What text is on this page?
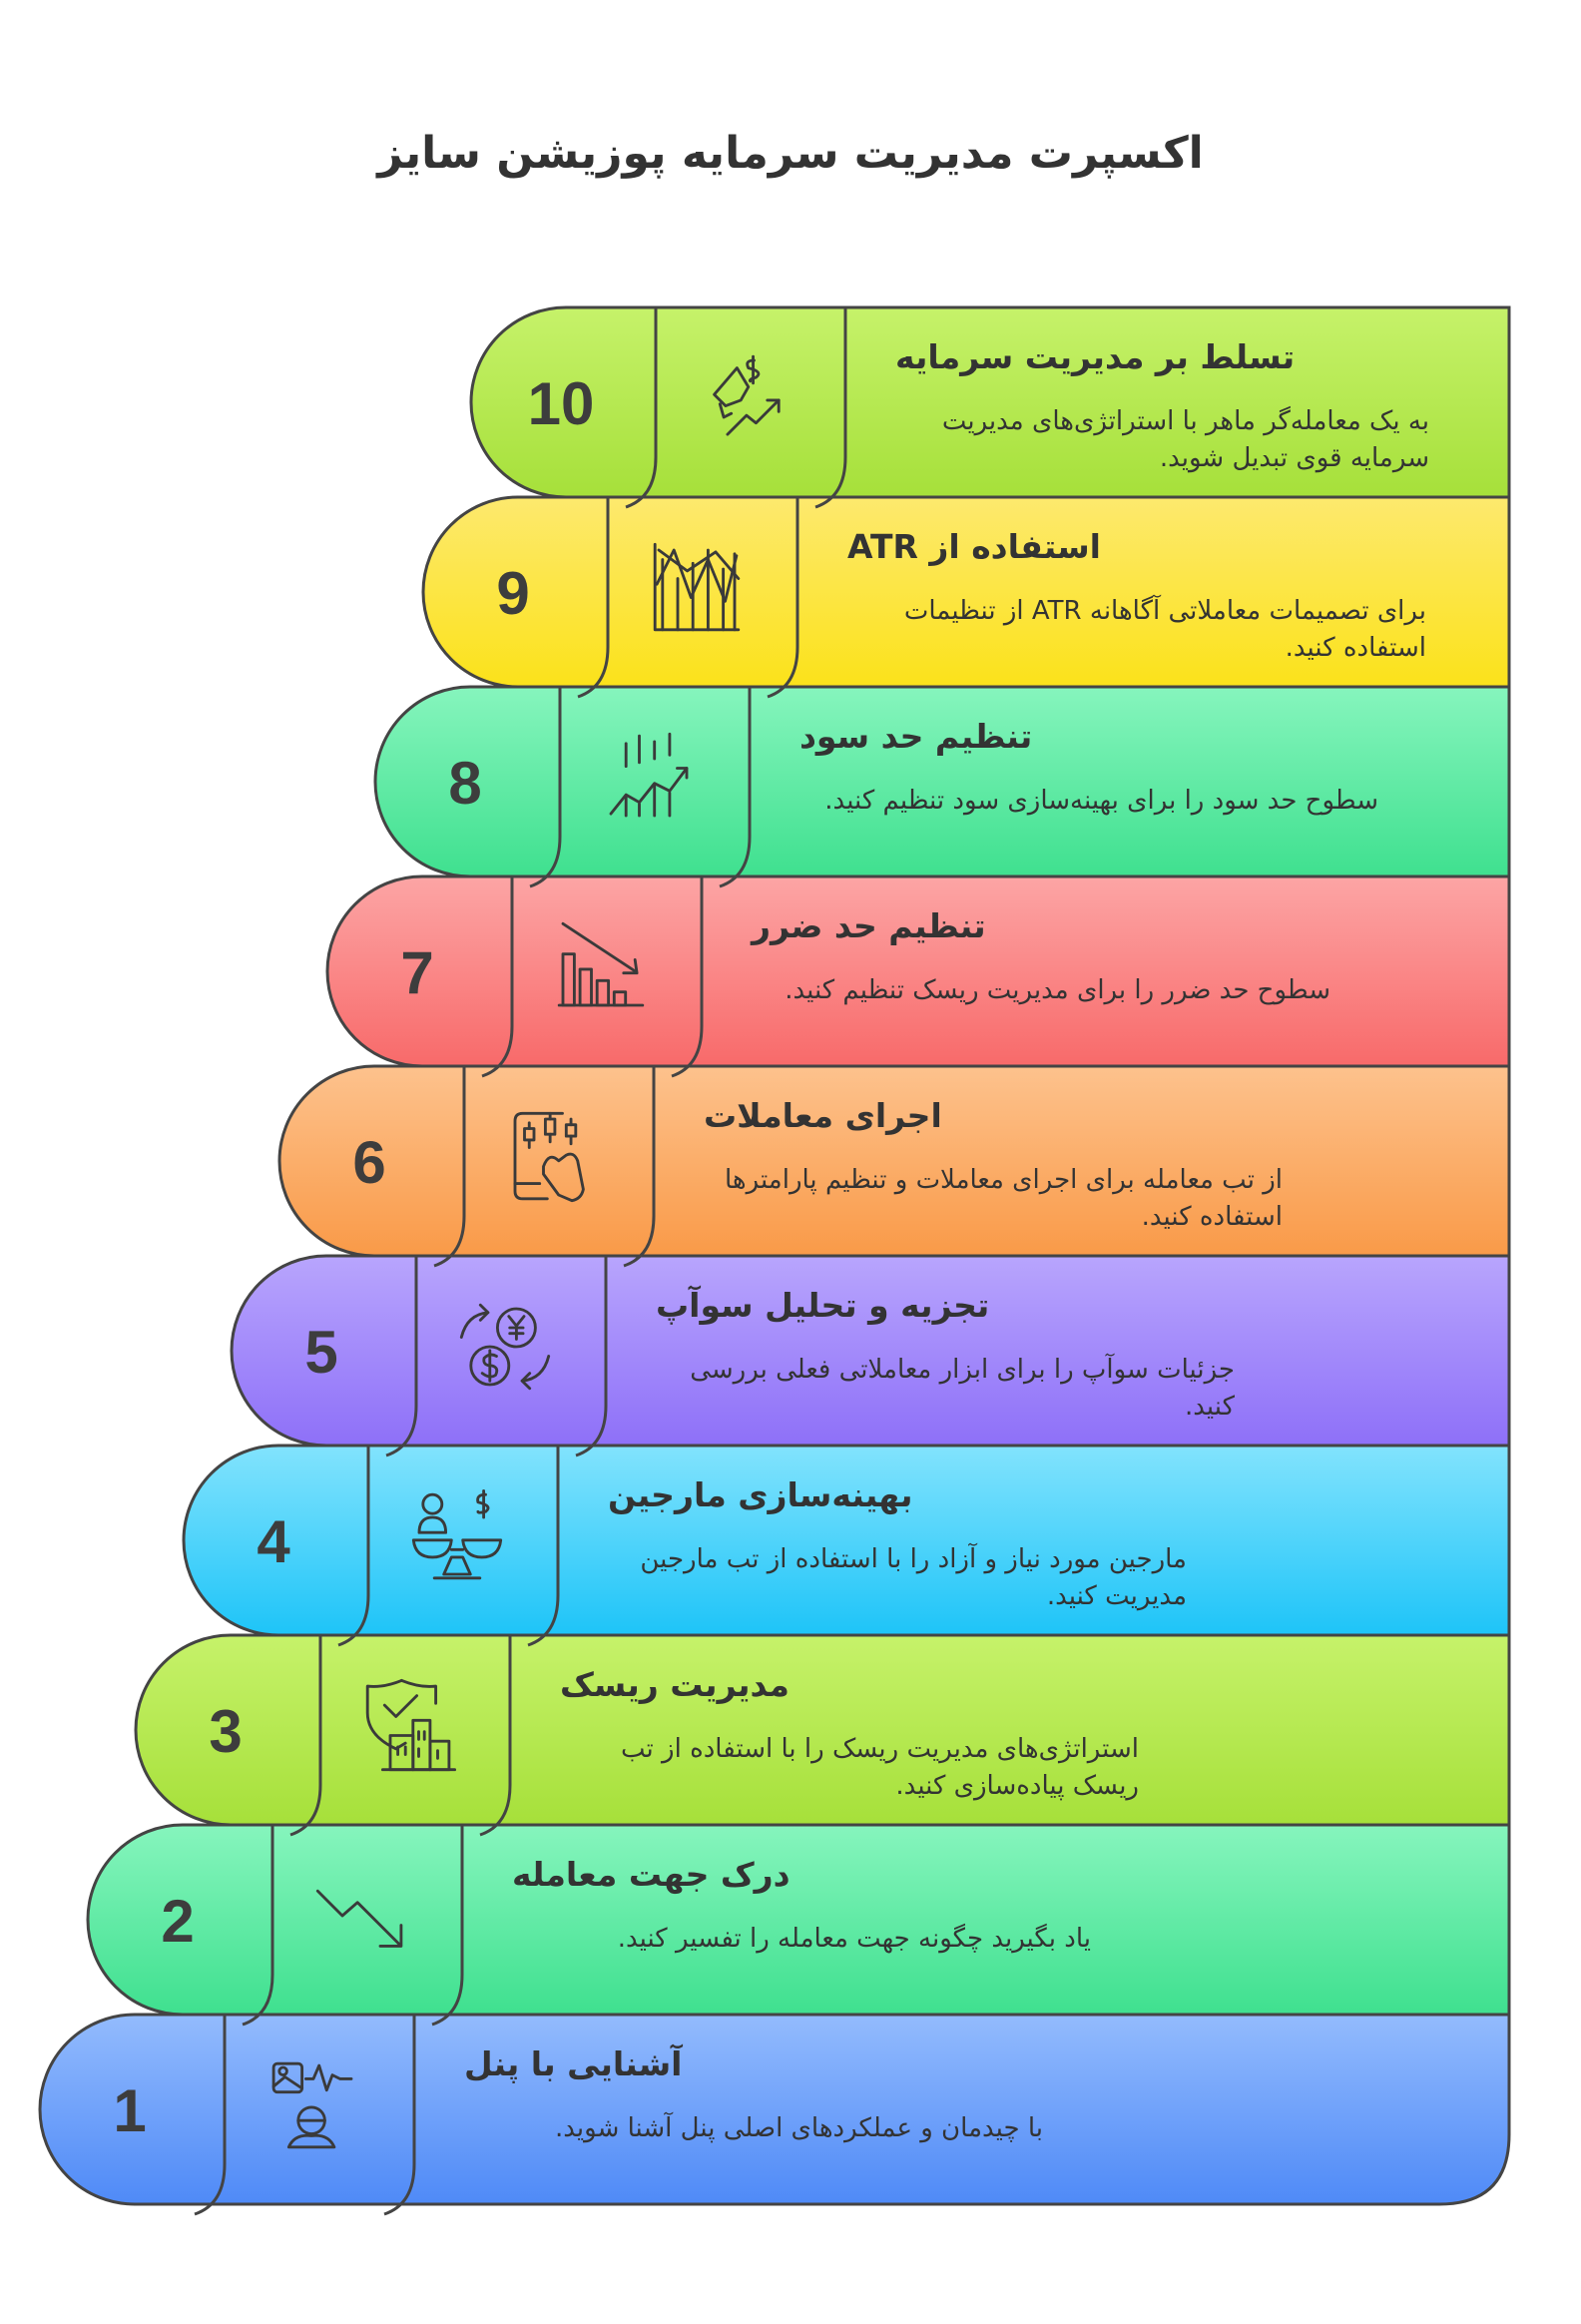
اکسپرت مدیریت سرمایه پوزیشن سایز
1
2
3
4
5
6
7
8
9
10
آشنایی با پنل
با چیدمان و عملکردهای اصلی پنل آشنا شوید.
درک جهت معامله
یاد بگیرید چگونه جهت معامله را تفسیر کنید.
مدیریت ریسک
استراتژی‌های مدیریت ریسک را با استفاده از تب ریسک پیاده‌سازی کنید.
بهینه‌سازی مارجین
مارجین مورد نیاز و آزاد را با استفاده از تب مارجین مدیریت کنید.
تجزیه و تحلیل سوآپ
جزئیات سوآپ را برای ابزار معاملاتی فعلی بررسی کنید.
اجرای معاملات
از تب معامله برای اجرای معاملات و تنظیم پارامترها استفاده کنید.
تنظیم حد ضرر
سطوح حد ضرر را برای مدیریت ریسک تنظیم کنید.
تنظیم حد سود
سطوح حد سود را برای بهینه‌سازی سود تنظیم کنید.
استفاده از ATR
برای تصمیمات معاملاتی آگاهانه ATR از تنظیمات استفاده کنید.
تسلط بر مدیریت سرمایه
به یک معامله‌گر ماهر با استراتژی‌های مدیریت سرمایه قوی تبدیل شوید.
